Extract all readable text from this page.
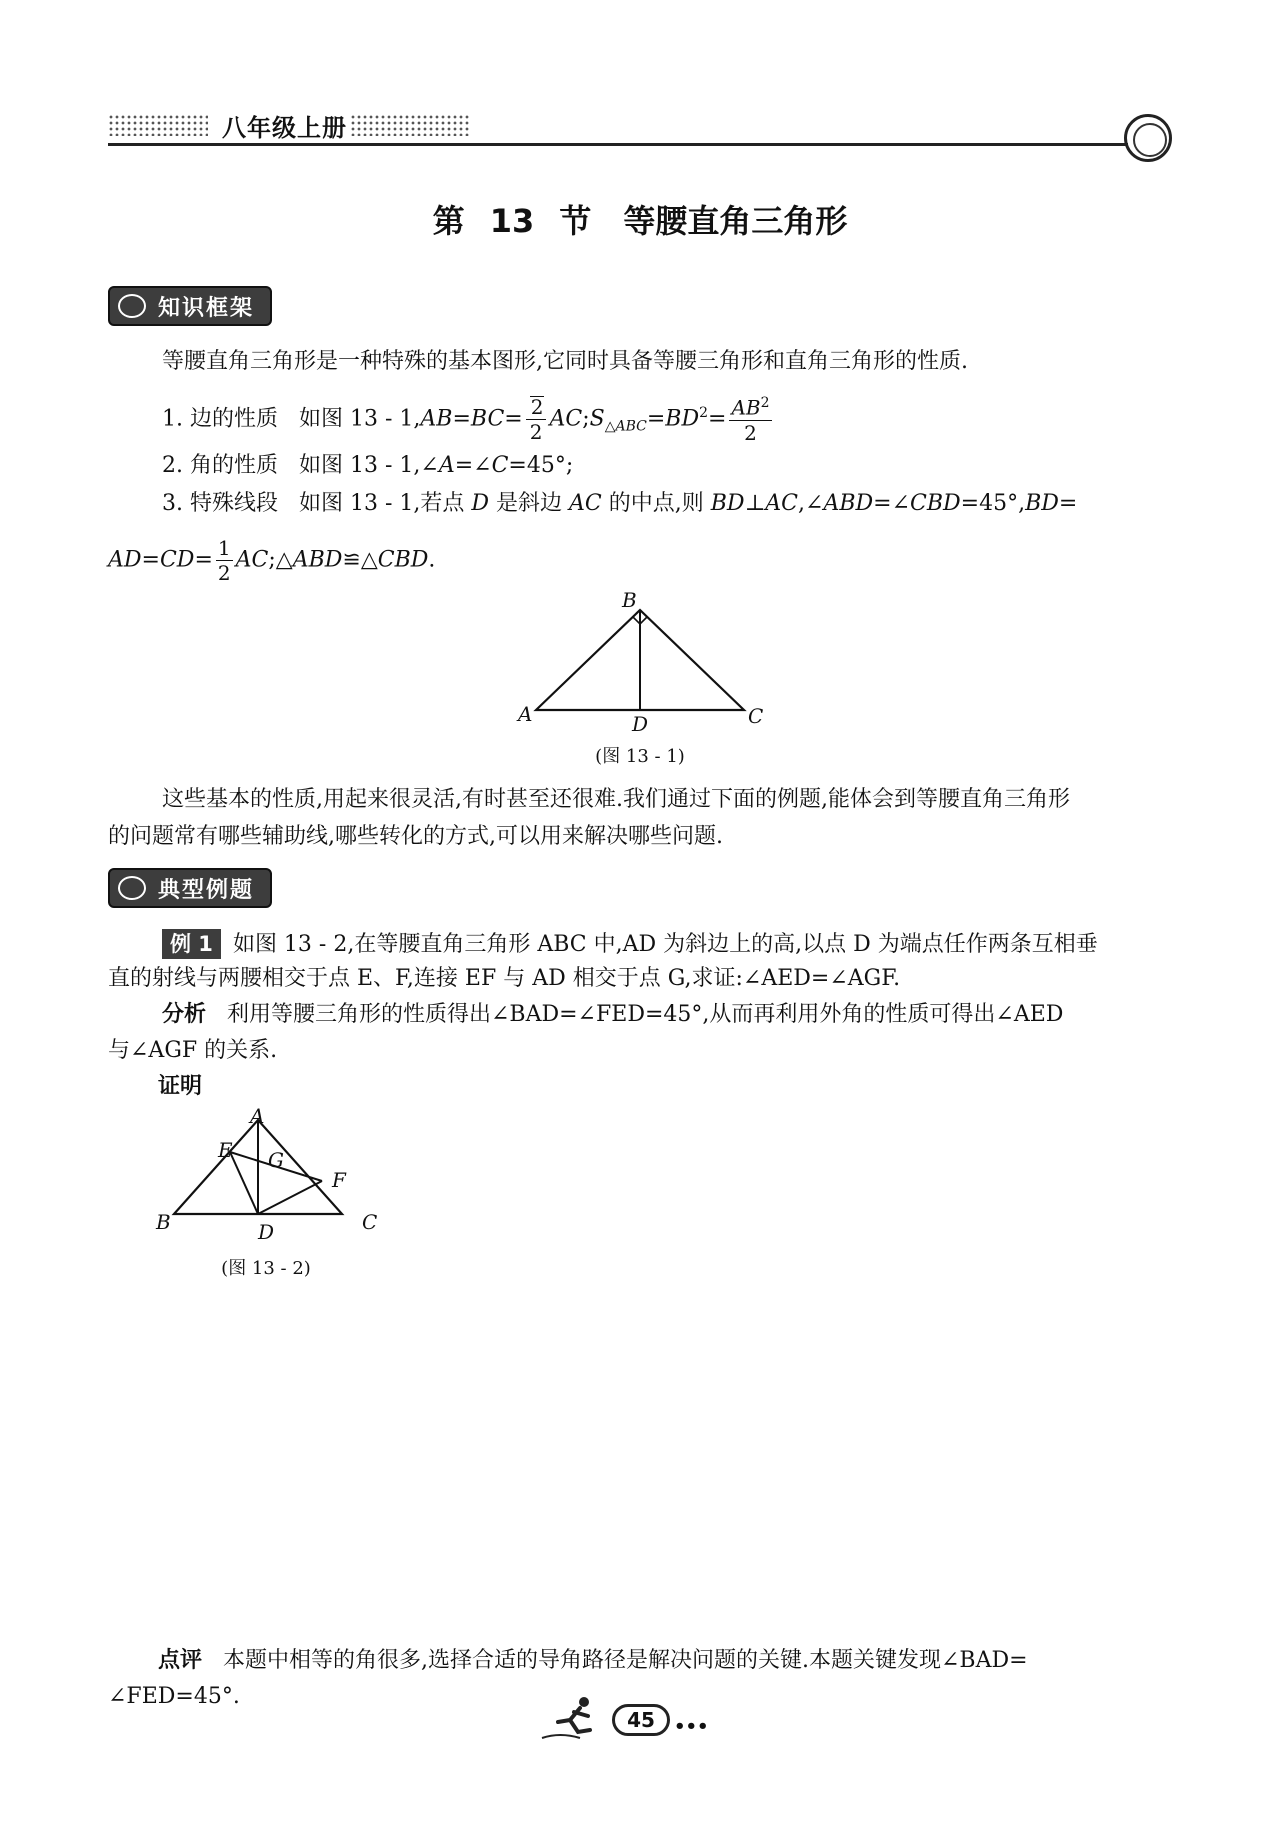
八年级上册
第 13 节　等腰直角三角形
知识框架
等腰直角三角形是一种特殊的基本图形,它同时具备等腰三角形和直角三角形的性质.
1. 边的性质 如图 $13 - 1,AB=BC= \frac{2}{2}$ $AC;S_{\triangle ABC}=BD^2= \frac{AB^2}{2}$
2. 角的性质 如图 13 - 1,∠A=∠C=45°;
3. 特殊线段 如图 13 - 1,若点 D 是斜边 AC 的中点,则 BD⊥AC,∠ABD=∠CBD=45°,BD=
$AD=CD= \frac{1}{2}$ AC;△ABD≌△CBD.
B
A	D	C
(图 13 - 1)
这些基本的性质,用起来很灵活,有时甚至还很难.我们通过下面的例题,能体会到等腰直角三角形
的问题常有哪些辅助线,哪些转化的方式,可以用来解决哪些问题.
典型例题
例 1 如图 13 - 2,在等腰直角三角形 ABC 中,AD 为斜边上的高,以点 D 为端点任作两条互相垂
直的射线与两腰相交于点 E、F,连接 EF 与 AD 相交于点 G,求证:∠AED=∠AGF.
分析 利用等腰三角形的性质得出∠BAD=∠FED=45°,从而再利用外角的性质可得出∠AED
与∠AGF 的关系.
证明
A
E G
F
B	D	C
(图 13 - 2)
点评 本题中相等的角很多,选择合适的导角路径是解决问题的关键.本题关键发现∠BAD=
∠FED=45°.
45	•••
